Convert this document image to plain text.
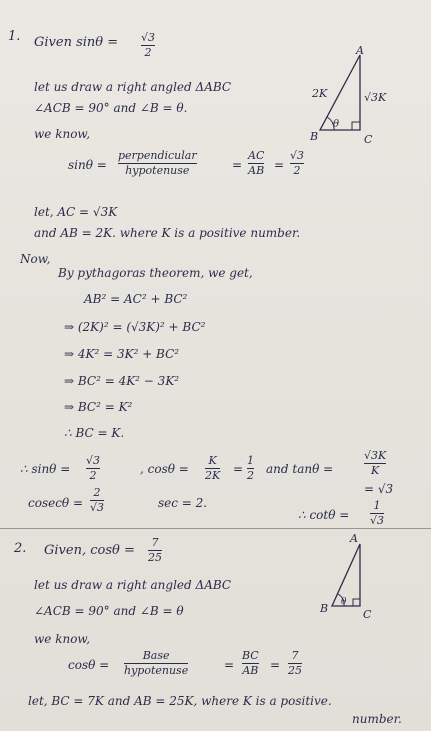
1. Given sinθ = √3
2
let us draw a right angled ΔABC
∠ACB = 90° and ∠B = θ.
we know,
A
B	C
2K	√3K
θ
sinθ =
perpendicular
hypotenuse	=
AC
AB =
√3
2
let, AC = √3K
and AB = 2K. where K is a positive number.
Now,
By pythagoras theorem, we get,
AB² = AC² + BC²
⇒ (2K)² = (√3K)² + BC²
⇒ 4K² = 3K² + BC²
⇒ BC² = 4K² − 3K²
⇒ BC² = K²
∴ BC = K.
∴ sinθ =
√3
2	, cosθ =
K
2K =
1
2 and tanθ =
√3K
K
= √3
cosecθ =
2
√3	sec = 2.
∴ cotθ =
1
√3
2. Given, cosθ =
7
25
A
B	C
θ
let us draw a right angled ΔABC
∠ACB = 90° and ∠B = θ
we know,
cosθ =
Base
hypotenuse	=
BC
AB =
7
25
let, BC = 7K and AB = 25K, where K is a positive.
number.
